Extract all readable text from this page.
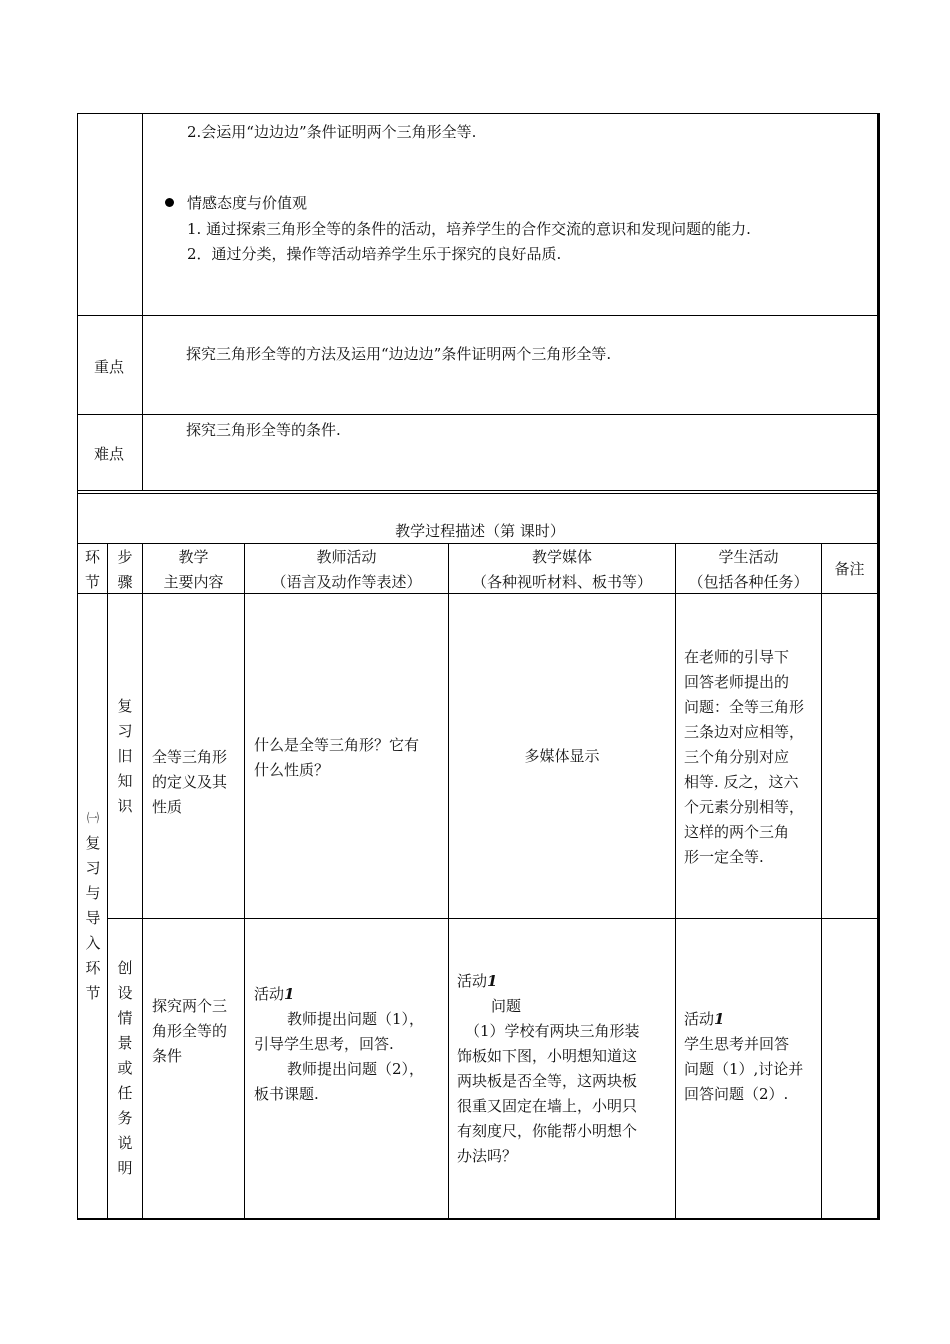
2.会运用“边边边”条件证明两个三角形全等.
情感态度与价值观
1. 通过探索三角形全等的条件的活动，培养学生的合作交流的意识和发现问题的能力.
2．通过分类，操作等活动培养学生乐于探究的良好品质.
重点
探究三角形全等的方法及运用“边边边”条件证明两个三角形全等.
难点
探究三角形全等的条件.
教学过程描述（第 课时）
环
节
步
骤
教学
主要内容
教师活动
（语言及动作等表述）
教学媒体
（各种视听材料、板书等）
学生活动
（包括各种任务）
备注
㈠
复
习
与
导
入
环
节
复
习
旧
知
识
全等三角形
的定义及其
性质
什么是全等三角形？它有
什么性质？
多媒体显示
在老师的引导下
回答老师提出的
问题：全等三角形
三条边对应相等，
三个角分别对应
相等. 反之，这六
个元素分别相等，
这样的两个三角
形一定全等.
创
设
情
景
或
任
务
说
明
探究两个三
角形全等的
条件
活动1
教师提出问题（1），
引导学生思考，回答.
教师提出问题（2），
板书课题.
活动1
问题
（1）学校有两块三角形装
饰板如下图，小明想知道这
两块板是否全等，这两块板
很重又固定在墙上，小明只
有刻度尺，你能帮小明想个
办法吗？
活动1
学生思考并回答
问题（1）,讨论并
回答问题（2）.
